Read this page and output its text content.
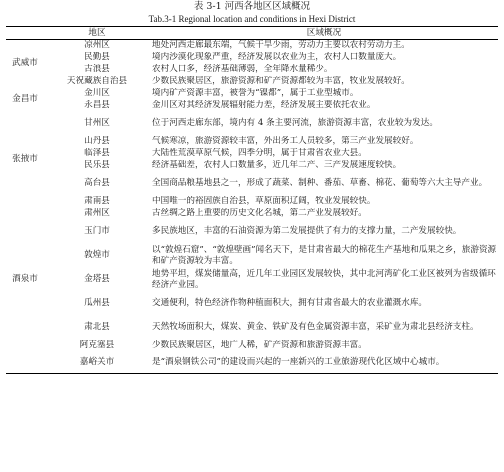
表 3-1 河西各地区区域概况
Tab.3-1 Regional location and conditions in Hexi District
	地区	区域概况
武威市	凉州区	地处河西走廊最东端，气候干旱少雨，劳动力主要以农村劳动力主。
	民勤县	境内沙漠化现象严重，经济发展以农业为主，农村人口数量庞大。
	古浪县	农村人口多，经济基础薄弱，全年降水量稀少。
	天祝藏族自治县	少数民族聚居区，旅游资源和矿产资源都较为丰富，牧业发展较好。
金昌市	金川区	境内矿产资源丰富，被誉为“镍都”，属于工业型城市。
	永昌县	金川区对其经济发展辐射能力差，经济发展主要依托农业。
张掖市	甘州区	位于河西走廊东部，境内有 4 条主要河流，旅游资源丰富，农业较为发达。
	山丹县	气候寒凉，旅游资源较丰富，外出务工人员较多，第三产业发展较好。
	临泽县	大陆性荒漠草原气候，四季分明，属于甘肃省农业大县。
	民乐县	经济基础差，农村人口数量多，近几年二产、三产发展速度较快。
	高台县	全国商品粮基地县之一，形成了蔬菜、制种、番茄、草畜、棉花、葡萄等六大主导产业。
	肃南县	中国唯一的裕固族自治县，草原面积辽阔，牧业发展较快。
酒泉市	肃州区	古丝绸之路上重要的历史文化名城，第二产业发展较好。
	玉门市	多民族地区，丰富的石油资源为第二发展提供了有力的支撑力量，二产发展较快。
	敦煌市	以“敦煌石窟”、“敦煌壁画”闻名天下，是甘肃省最大的棉花生产基地和瓜果之乡，旅游资源和矿产资源较为丰富。
	金塔县	地势平坦，煤炭储量高，近几年工业园区发展较快，其中北河湾矿化工业区被列为省级循环经济产业园。
	瓜州县	交通便利，特色经济作物种植面积大，拥有甘肃省最大的农业灌溉水库。
	肃北县	天然牧场面积大，煤炭、黄金、铁矿及有色金属资源丰富，采矿业为肃北县经济支柱。
	阿克塞县	少数民族聚居区，地广人稀，矿产资源和旅游资源丰富。
	嘉峪关市	是“酒泉钢铁公司”的建设而兴起的一座新兴的工业旅游现代化区域中心城市。
